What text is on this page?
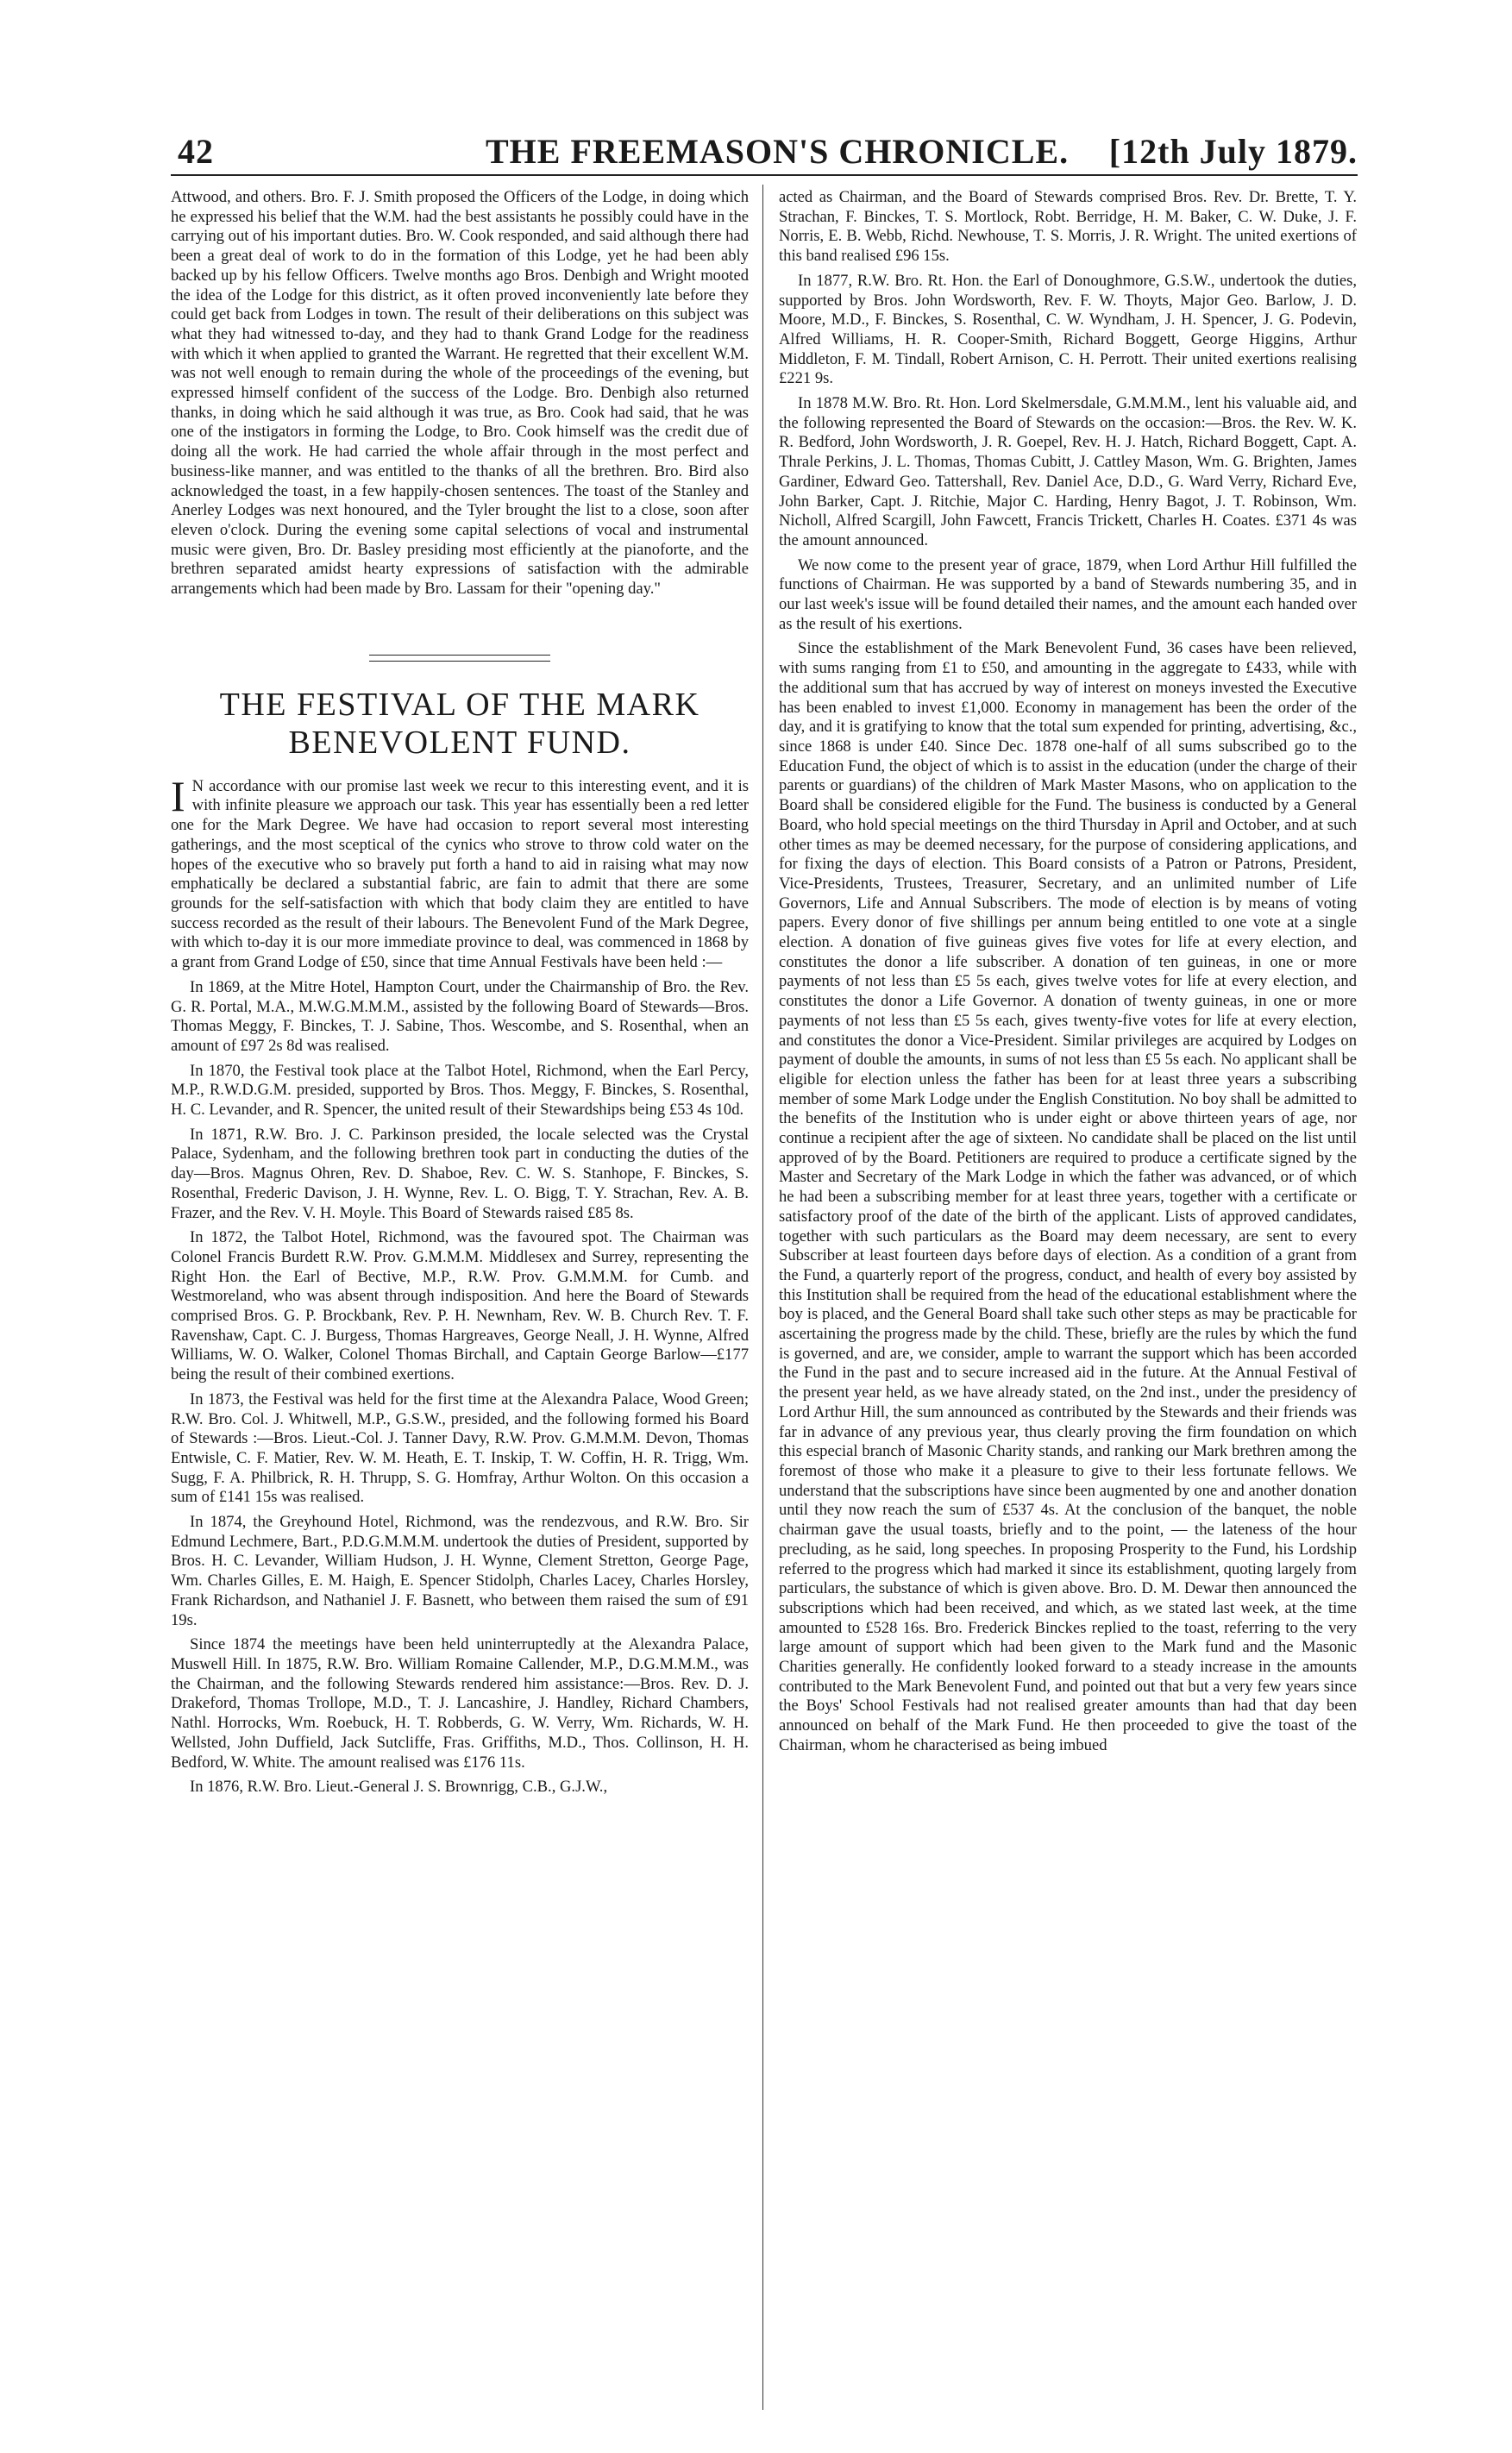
42	THE FREEMASON'S CHRONICLE. [12th July 1879.

Attwood, and others. Bro. F. J. Smith proposed the Officers of the Lodge, in doing which he expressed his belief that the W.M. had the best assistants he possibly could have in the carrying out of his important duties. Bro. W. Cook responded, and said although there had been a great deal of work to do in the formation of this Lodge, yet he had been ably backed up by his fellow Officers. Twelve months ago Bros. Denbigh and Wright mooted the idea of the Lodge for this district, as it often proved inconveniently late before they could get back from Lodges in town. The result of their deliberations on this subject was what they had witnessed to-day, and they had to thank Grand Lodge for the readiness with which it when applied to granted the Warrant. He regretted that their excellent W.M. was not well enough to remain during the whole of the proceedings of the evening, but expressed himself confident of the success of the Lodge. Bro. Denbigh also returned thanks, in doing which he said although it was true, as Bro. Cook had said, that he was one of the instigators in forming the Lodge, to Bro. Cook himself was the credit due of doing all the work. He had carried the whole affair through in the most perfect and business-like manner, and was entitled to the thanks of all the brethren. Bro. Bird also acknowledged the toast, in a few happily-chosen sentences. The toast of the Stanley and Anerley Lodges was next honoured, and the Tyler brought the list to a close, soon after eleven o'clock. During the evening some capital selections of vocal and instrumental music were given, Bro. Dr. Basley presiding most efficiently at the pianoforte, and the brethren separated amidst hearty expressions of satisfaction with the admirable arrangements which had been made by Bro. Lassam for their "opening day."

THE FESTIVAL OF THE MARK BENEVOLENT FUND.

I N accordance with our promise last week we recur to this interesting event, and it is with infinite pleasure we approach our task. This year has essentially been a red letter one for the Mark Degree. We have had occasion to report several most interesting gatherings, and the most sceptical of the cynics who strove to throw cold water on the hopes of the executive who so bravely put forth a hand to aid in raising what may now emphatically be declared a substantial fabric, are fain to admit that there are some grounds for the self-satisfaction with which that body claim they are entitled to have success recorded as the result of their labours. The Benevolent Fund of the Mark Degree, with which to-day it is our more immediate province to deal, was commenced in 1868 by a grant from Grand Lodge of £50, since that time Annual Festivals have been held :—

In 1869, at the Mitre Hotel, Hampton Court, under the Chairmanship of Bro. the Rev. G. R. Portal, M.A., M.W.G.M.M.M., assisted by the following Board of Stewards—Bros. Thomas Meggy, F. Binckes, T. J. Sabine, Thos. Wescombe, and S. Rosenthal, when an amount of £97 2s 8d was realised.

In 1870, the Festival took place at the Talbot Hotel, Richmond, when the Earl Percy, M.P., R.W.D.G.M. presided, supported by Bros. Thos. Meggy, F. Binckes, S. Rosenthal, H. C. Levander, and R. Spencer, the united result of their Stewardships being £53 4s 10d.

In 1871, R.W. Bro. J. C. Parkinson presided, the locale selected was the Crystal Palace, Sydenham, and the following brethren took part in conducting the duties of the day—Bros. Magnus Ohren, Rev. D. Shaboe, Rev. C. W. S. Stanhope, F. Binckes, S. Rosenthal, Frederic Davison, J. H. Wynne, Rev. L. O. Bigg, T. Y. Strachan, Rev. A. B. Frazer, and the Rev. V. H. Moyle. This Board of Stewards raised £85 8s.

In 1872, the Talbot Hotel, Richmond, was the favoured spot. The Chairman was Colonel Francis Burdett R.W. Prov. G.M.M.M. Middlesex and Surrey, representing the Right Hon. the Earl of Bective, M.P., R.W. Prov. G.M.M.M. for Cumb. and Westmoreland, who was absent through indisposition. And here the Board of Stewards comprised Bros. G. P. Brockbank, Rev. P. H. Newnham, Rev. W. B. Church Rev. T. F. Ravenshaw, Capt. C. J. Burgess, Thomas Hargreaves, George Neall, J. H. Wynne, Alfred Williams, W. O. Walker, Colonel Thomas Birchall, and Captain George Barlow—£177 being the result of their combined exertions.

In 1873, the Festival was held for the first time at the Alexandra Palace, Wood Green; R.W. Bro. Col. J. Whitwell, M.P., G.S.W., presided, and the following formed his Board of Stewards :—Bros. Lieut.-Col. J. Tanner Davy, R.W. Prov. G.M.M.M. Devon, Thomas Entwisle, C. F. Matier, Rev. W. M. Heath, E. T. Inskip, T. W. Coffin, H. R. Trigg, Wm. Sugg, F. A. Philbrick, R. H. Thrupp, S. G. Homfray, Arthur Wolton. On this occasion a sum of £141 15s was realised.

In 1874, the Greyhound Hotel, Richmond, was the rendezvous, and R.W. Bro. Sir Edmund Lechmere, Bart., P.D.G.M.M.M. undertook the duties of President, supported by Bros. H. C. Levander, William Hudson, J. H. Wynne, Clement Stretton, George Page, Wm. Charles Gilles, E. M. Haigh, E. Spencer Stidolph, Charles Lacey, Charles Horsley, Frank Richardson, and Nathaniel J. F. Basnett, who between them raised the sum of £91 19s.

Since 1874 the meetings have been held uninterruptedly at the Alexandra Palace, Muswell Hill. In 1875, R.W. Bro. William Romaine Callender, M.P., D.G.M.M.M., was the Chairman, and the following Stewards rendered him assistance:—Bros. Rev. D. J. Drakeford, Thomas Trollope, M.D., T. J. Lancashire, J. Handley, Richard Chambers, Nathl. Horrocks, Wm. Roebuck, H. T. Robberds, G. W. Verry, Wm. Richards, W. H. Wellsted, John Duffield, Jack Sutcliffe, Fras. Griffiths, M.D., Thos. Collinson, H. H. Bedford, W. White. The amount realised was £176 11s.

In 1876, R.W. Bro. Lieut.-General J. S. Brownrigg, C.B., G.J.W.,

acted as Chairman, and the Board of Stewards comprised Bros. Rev. Dr. Brette, T. Y. Strachan, F. Binckes, T. S. Mortlock, Robt. Berridge, H. M. Baker, C. W. Duke, J. F. Norris, E. B. Webb, Richd. Newhouse, T. S. Morris, J. R. Wright. The united exertions of this band realised £96 15s.

In 1877, R.W. Bro. Rt. Hon. the Earl of Donoughmore, G.S.W., undertook the duties, supported by Bros. John Wordsworth, Rev. F. W. Thoyts, Major Geo. Barlow, J. D. Moore, M.D., F. Binckes, S. Rosenthal, C. W. Wyndham, J. H. Spencer, J. G. Podevin, Alfred Williams, H. R. Cooper-Smith, Richard Boggett, George Higgins, Arthur Middleton, F. M. Tindall, Robert Arnison, C. H. Perrott. Their united exertions realising £221 9s.

In 1878 M.W. Bro. Rt. Hon. Lord Skelmersdale, G.M.M.M., lent his valuable aid, and the following represented the Board of Stewards on the occasion:—Bros. the Rev. W. K. R. Bedford, John Wordsworth, J. R. Goepel, Rev. H. J. Hatch, Richard Boggett, Capt. A. Thrale Perkins, J. L. Thomas, Thomas Cubitt, J. Cattley Mason, Wm. G. Brighten, James Gardiner, Edward Geo. Tattershall, Rev. Daniel Ace, D.D., G. Ward Verry, Richard Eve, John Barker, Capt. J. Ritchie, Major C. Harding, Henry Bagot, J. T. Robinson, Wm. Nicholl, Alfred Scargill, John Fawcett, Francis Trickett, Charles H. Coates. £371 4s was the amount announced.

We now come to the present year of grace, 1879, when Lord Arthur Hill fulfilled the functions of Chairman. He was supported by a band of Stewards numbering 35, and in our last week's issue will be found detailed their names, and the amount each handed over as the result of his exertions.

Since the establishment of the Mark Benevolent Fund, 36 cases have been relieved, with sums ranging from £1 to £50, and amounting in the aggregate to £433, while with the additional sum that has accrued by way of interest on moneys invested the Executive has been enabled to invest £1,000. Economy in management has been the order of the day, and it is gratifying to know that the total sum expended for printing, advertising, &c., since 1868 is under £40. Since Dec. 1878 one-half of all sums subscribed go to the Education Fund, the object of which is to assist in the education (under the charge of their parents or guardians) of the children of Mark Master Masons, who on application to the Board shall be considered eligible for the Fund. The business is conducted by a General Board, who hold special meetings on the third Thursday in April and October, and at such other times as may be deemed necessary, for the purpose of considering applications, and for fixing the days of election. This Board consists of a Patron or Patrons, President, Vice-Presidents, Trustees, Treasurer, Secretary, and an unlimited number of Life Governors, Life and Annual Subscribers. The mode of election is by means of voting papers. Every donor of five shillings per annum being entitled to one vote at a single election. A donation of five guineas gives five votes for life at every election, and constitutes the donor a life subscriber. A donation of ten guineas, in one or more payments of not less than £5 5s each, gives twelve votes for life at every election, and constitutes the donor a Life Governor. A donation of twenty guineas, in one or more payments of not less than £5 5s each, gives twenty-five votes for life at every election, and constitutes the donor a Vice-President. Similar privileges are acquired by Lodges on payment of double the amounts, in sums of not less than £5 5s each. No applicant shall be eligible for election unless the father has been for at least three years a subscribing member of some Mark Lodge under the English Constitution. No boy shall be admitted to the benefits of the Institution who is under eight or above thirteen years of age, nor continue a recipient after the age of sixteen. No candidate shall be placed on the list until approved of by the Board. Petitioners are required to produce a certificate signed by the Master and Secretary of the Mark Lodge in which the father was advanced, or of which he had been a subscribing member for at least three years, together with a certificate or satisfactory proof of the date of the birth of the applicant. Lists of approved candidates, together with such particulars as the Board may deem necessary, are sent to every Subscriber at least fourteen days before days of election. As a condition of a grant from the Fund, a quarterly report of the progress, conduct, and health of every boy assisted by this Institution shall be required from the head of the educational establishment where the boy is placed, and the General Board shall take such other steps as may be practicable for ascertaining the progress made by the child. These, briefly are the rules by which the fund is governed, and are, we consider, ample to warrant the support which has been accorded the Fund in the past and to secure increased aid in the future. At the Annual Festival of the present year held, as we have already stated, on the 2nd inst., under the presidency of Lord Arthur Hill, the sum announced as contributed by the Stewards and their friends was far in advance of any previous year, thus clearly proving the firm foundation on which this especial branch of Masonic Charity stands, and ranking our Mark brethren among the foremost of those who make it a pleasure to give to their less fortunate fellows. We understand that the subscriptions have since been augmented by one and another donation until they now reach the sum of £537 4s. At the conclusion of the banquet, the noble chairman gave the usual toasts, briefly and to the point, — the lateness of the hour precluding, as he said, long speeches. In proposing Prosperity to the Fund, his Lordship referred to the progress which had marked it since its establishment, quoting largely from particulars, the substance of which is given above. Bro. D. M. Dewar then announced the subscriptions which had been received, and which, as we stated last week, at the time amounted to £528 16s. Bro. Frederick Binckes replied to the toast, referring to the very large amount of support which had been given to the Mark fund and the Masonic Charities generally. He confidently looked forward to a steady increase in the amounts contributed to the Mark Benevolent Fund, and pointed out that but a very few years since the Boys' School Festivals had not realised greater amounts than had that day been announced on behalf of the Mark Fund. He then proceeded to give the toast of the Chairman, whom he characterised as being imbued
